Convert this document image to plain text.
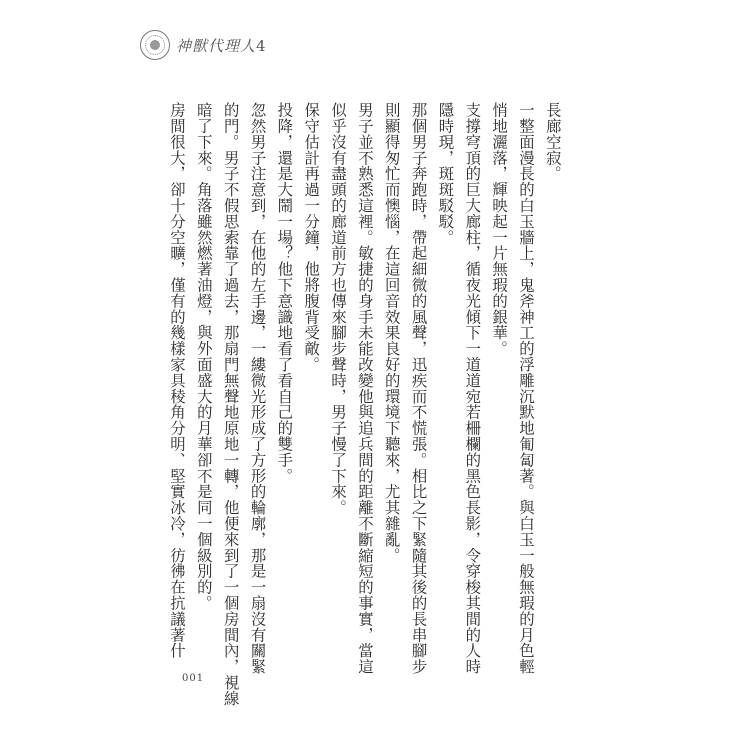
神獸代理人4
長廊空寂。
一整面漫長的白玉牆上，鬼斧神工的浮雕沉默地匍匐著。與白玉一般無瑕的月色輕
悄地灑落，輝映起一片無瑕的銀華。
支撐穹頂的巨大廊柱，循夜光傾下一道道宛若柵欄的黑色長影，令穿梭其間的人時
隱時現，斑斑駁駁。
那個男子奔跑時，帶起細微的風聲，迅疾而不慌張。相比之下緊隨其後的長串腳步
則顯得匆忙而懊惱，在這回音效果良好的環境下聽來，尤其雜亂。
男子並不熟悉這裡。敏捷的身手未能改變他與追兵間的距離不斷縮短的事實，當這
似乎沒有盡頭的廊道前方也傳來腳步聲時，男子慢了下來。
保守估計再過一分鐘，他將腹背受敵。
投降，還是大鬧一場？他下意識地看了看自己的雙手。
忽然男子注意到，在他的左手邊，一縷微光形成了方形的輪廓，那是一扇沒有關緊
的門。男子不假思索靠了過去，那扇門無聲地原地一轉，他便來到了一個房間內，視線
暗了下來。角落雖然燃著油燈，與外面盛大的月華卻不是同一個級別的。
房間很大，卻十分空曠，僅有的幾樣家具稜角分明、堅實冰冷，彷彿在抗議著什
001
